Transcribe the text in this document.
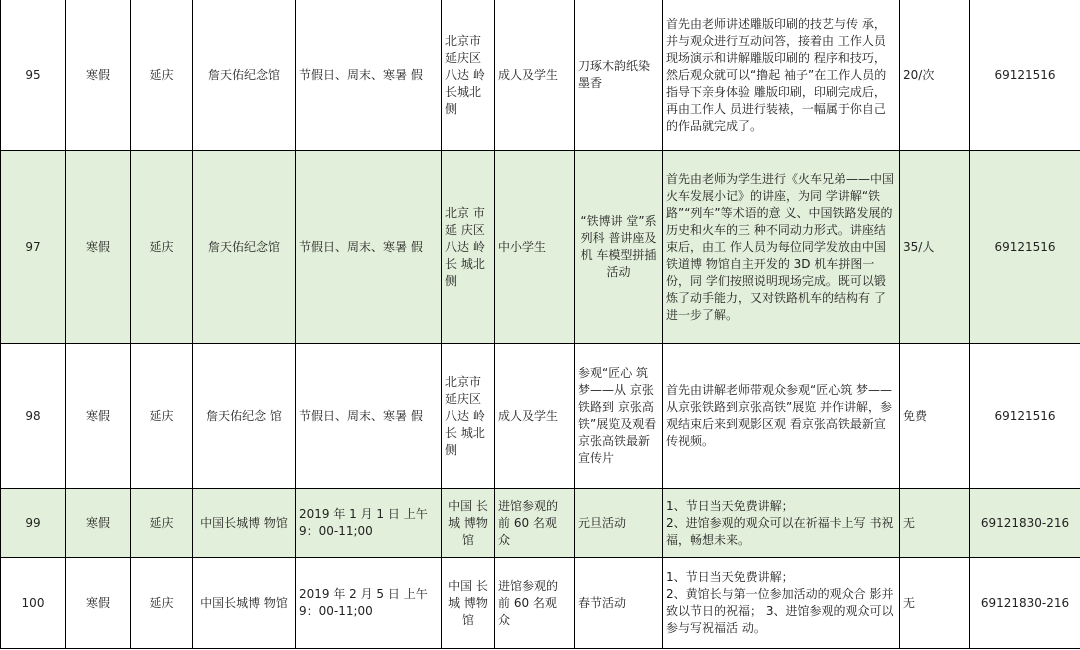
95	寒假	延庆	詹天佑纪念馆	节假日、周末、寒暑 假	北京市 延庆区 八达 岭长城北侧	成人及学生	刀琢木韵纸染墨香	首先由老师讲述雕版印刷的技艺与传 承，并与观众进行互动问答，接着由 工作人员现场演示和讲解雕版印刷的 程序和技巧，然后观众就可以“撸起 袖子”在工作人员的指导下亲身体验 雕版印刷，印刷完成后，再由工作人 员进行装裱，一幅属于你自己的作品就完成了。	20/次	69121516
97	寒假	延庆	詹天佑纪念馆	节假日、周末、寒暑 假	北京 市 延 庆区 八达 岭 长 城北 侧	中小学生	“铁博讲 堂”系列科 普讲座及机 车模型拼插 活动	首先由老师为学生进行《火车兄弟——中国火车发展小记》的讲座，为同 学讲解“铁路”“列车”等术语的意 义、中国铁路发展的历史和火车的三 种不同动力形式。讲座结束后，由工 作人员为每位同学发放由中国铁道博 物馆自主开发的 3D 机车拼图一份，同 学们按照说明现场完成。既可以锻炼了动手能力，又对铁路机车的结构有 了进一步了解。	35/人	69121516
98	寒假	延庆	詹天佑纪念 馆	节假日、周末、寒暑 假	北京市 延庆区 八达 岭 长 城北 侧	成人及学生	参观“匠心 筑梦——从 京张铁路到 京张高铁”展览及观看 京张高铁最新宣传片	首先由讲解老师带观众参观“匠心筑 梦——从京张铁路到京张高铁”展览 并作讲解，参观结束后来到观影区观 看京张高铁最新宣传视频。	免费	69121516
99	寒假	延庆	中国长城博 物馆	2019 年 1 月 1 日 上午 9：00-11;00	中国 长 城 博物 馆	进馆参观的 前 60 名观 众	元旦活动	1、节日当天免费讲解；
2、进馆参观的观众可以在祈福卡上写 书祝福，畅想未来。	无	69121830-216
100	寒假	延庆	中国长城博 物馆	2019 年 2 月 5 日 上午 9：00-11;00	中国 长 城 博物 馆	进馆参观的 前 60 名观 众	春节活动	1、节日当天免费讲解；
2、黄馆长与第一位参加活动的观众合 影并致以节日的祝福； 3、进馆参观的观众可以参与写祝福活 动。	无	69121830-216
